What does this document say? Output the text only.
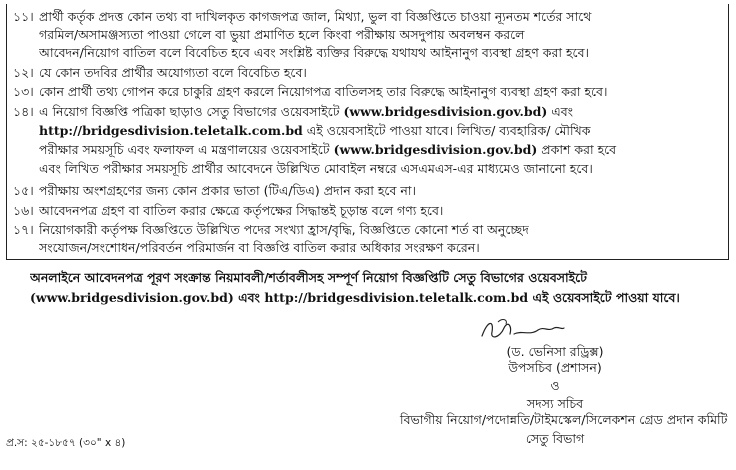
১১। প্রার্থী কর্তৃক প্রদত্ত কোন তথ্য বা দাখিলকৃত কাগজপত্র জাল, মিথ্যা, ভুল বা বিজ্ঞপ্তিতে চাওয়া ন্যূনতম শর্তের সাথে
গরমিল/অসামঞ্জস্যতা পাওয়া গেলে বা ভুয়া প্রমাণিত হলে কিংবা পরীক্ষায় অসদুপায় অবলম্বন করলে
আবেদন/নিয়োগ বাতিল বলে বিবেচিত হবে এবং সংশ্লিষ্ট ব্যক্তির বিরুদ্ধে যথাযথ আইনানুগ ব্যবস্থা গ্রহণ করা হবে।
১২। যে কোন তদবির প্রার্থীর অযোগ্যতা বলে বিবেচিত হবে।
১৩। কোন প্রার্থী তথ্য গোপন করে চাকুরি গ্রহণ করলে নিয়োগপত্র বাতিলসহ তার বিরুদ্ধে আইনানুগ ব্যবস্থা গ্রহণ করা হবে।
১৪। এ নিয়োগ বিজ্ঞপ্তি পত্রিকা ছাড়াও সেতু বিভাগের ওয়েবসাইটে (www.bridgesdivision.gov.bd) এবং
http://bridgesdivision.teletalk.com.bd এই ওয়েবসাইটে পাওয়া যাবে। লিখিত/ ব্যবহারিক/ মৌখিক
পরীক্ষার সময়সূচি এবং ফলাফল এ মন্ত্রণালয়ের ওয়েবসাইটে (www.bridgesdivision.gov.bd) প্রকাশ করা হবে
এবং লিখিত পরীক্ষার সময়সূচি প্রার্থীর আবেদনে উল্লিখিত মোবাইল নম্বরে এসএমএস-এর মাধ্যমেও জানানো হবে।
১৫। পরীক্ষায় অংশগ্রহণের জন্য কোন প্রকার ভাতা (টিএ/ডিএ) প্রদান করা হবে না।
১৬। আবেদনপত্র গ্রহণ বা বাতিল করার ক্ষেত্রে কর্তৃপক্ষের সিদ্ধান্তই চূড়ান্ত বলে গণ্য হবে।
১৭। নিয়োগকারী কর্তৃপক্ষ বিজ্ঞপ্তিতে উল্লিখিত পদের সংখ্যা হ্রাস/বৃদ্ধি, বিজ্ঞপ্তিতে কোনো শর্ত বা অনুচ্ছেদ
সংযোজন/সংশোধন/পরিবর্তন পরিমার্জন বা বিজ্ঞপ্তি বাতিল করার অধিকার সংরক্ষণ করেন।
অনলাইনে আবেদনপত্র পূরণ সংক্রান্ত নিয়মাবলী/শর্তাবলীসহ সম্পূর্ণ নিয়োগ বিজ্ঞপ্তিটি সেতু বিভাগের ওয়েবসাইটে
(www.bridgesdivision.gov.bd) এবং http://bridgesdivision.teletalk.com.bd এই ওয়েবসাইটে পাওয়া যাবে।
(ড. ভেনিসা রড্রিক্স)
উপসচিব (প্রশাসন)
ও
সদস্য সচিব
বিভাগীয় নিয়োগ/পদোন্নতি/টাইমস্কেল/সিলেকশন গ্রেড প্রদান কমিটি
সেতু বিভাগ
প্র.স: ২৫-১৮৫৭ (৩০" x ৪)
